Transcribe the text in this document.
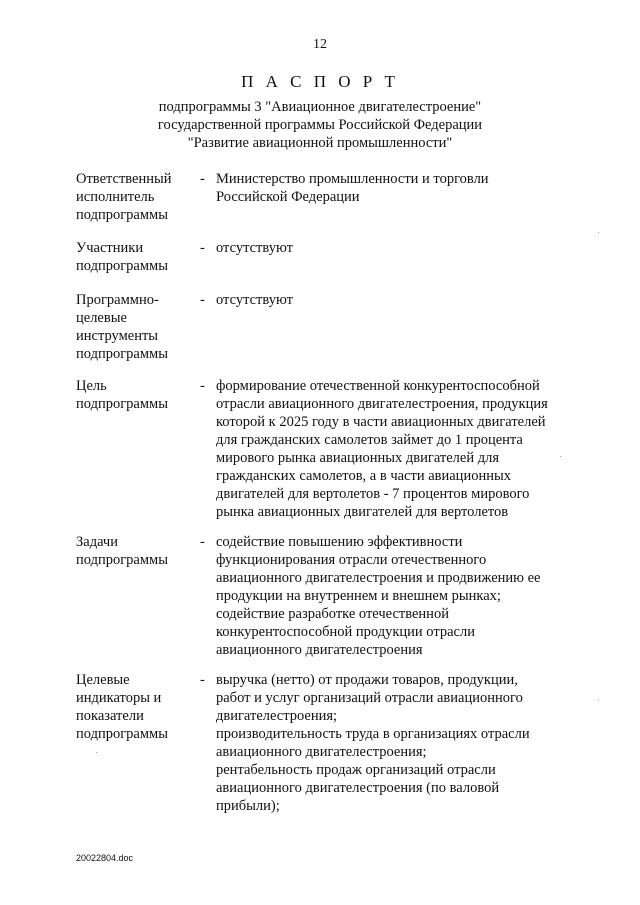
12
П А С П О Р Т
подпрограммы 3 "Авиационное двигателестроение"
государственной программы Российской Федерации
"Развитие авиационной промышленности"
Ответственный
исполнитель
подпрограммы
- Министерство промышленности и торговли
Российской Федерации
Участники
подпрограммы
- отсутствуют
Программно-
целевые
инструменты
подпрограммы
- отсутствуют
Цель
подпрограммы
- формирование отечественной конкурентоспособной
отрасли авиационного двигателестроения, продукция
которой к 2025 году в части авиационных двигателей
для гражданских самолетов займет до 1 процента
мирового рынка авиационных двигателей для
гражданских самолетов, а в части авиационных
двигателей для вертолетов - 7 процентов мирового
рынка авиационных двигателей для вертолетов
Задачи
подпрограммы
- содействие повышению эффективности
функционирования отрасли отечественного
авиационного двигателестроения и продвижению ее
продукции на внутреннем и внешнем рынках;
содействие разработке отечественной
конкурентоспособной продукции отрасли
авиационного двигателестроения
Целевые
индикаторы и
показатели
подпрограммы
- выручка (нетто) от продажи товаров, продукции,
работ и услуг организаций отрасли авиационного
двигателестроения;
производительность труда в организациях отрасли
авиационного двигателестроения;
рентабельность продаж организаций отрасли
авиационного двигателестроения (по валовой
прибыли);
20022804.doc
